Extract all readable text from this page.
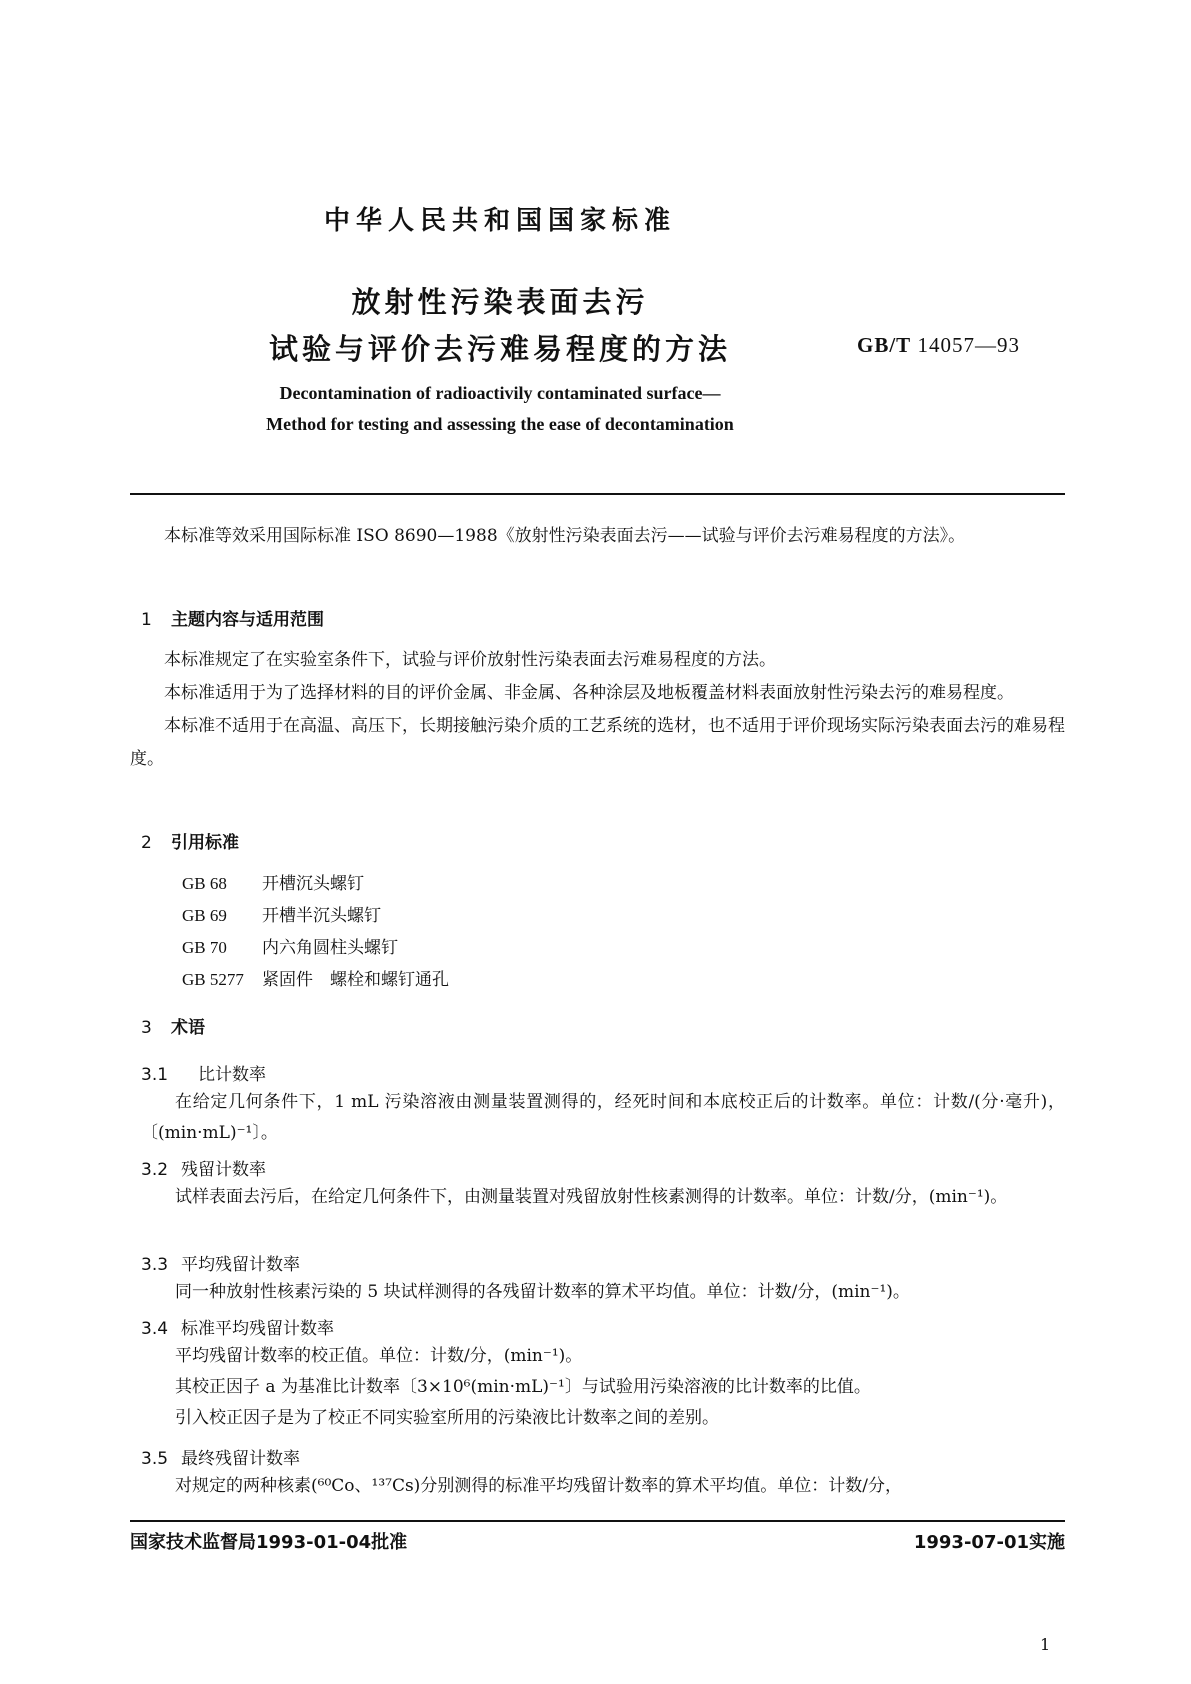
中华人民共和国国家标准
放射性污染表面去污
试验与评价去污难易程度的方法	GB/T 14057—93
Decontamination of radioactivily contaminated surface—
Method for testing and assessing the ease of decontamination

本标准等效采用国际标准 ISO 8690—1988《放射性污染表面去污——试验与评价去污难易程度的方法》。

1 主题内容与适用范围

本标准规定了在实验室条件下，试验与评价放射性污染表面去污难易程度的方法。

本标准适用于为了选择材料的目的评价金属、非金属、各种涂层及地板覆盖材料表面放射性污染去污的难易程度。

本标准不适用于在高温、高压下，长期接触污染介质的工艺系统的选材，也不适用于评价现场实际污染表面去污的难易程度。

2 引用标准
GB 68 开槽沉头螺钉
GB 69 开槽半沉头螺钉
GB 70 内六角圆柱头螺钉
GB 5277 紧固件　螺栓和螺钉通孔
3 术语
3.1　 比计数率

在给定几何条件下，1 mL 污染溶液由测量装置测得的，经死时间和本底校正后的计数率。单位：计数/(分·毫升)，〔(min·mL)⁻¹〕。

3.2 残留计数率

试样表面去污后，在给定几何条件下，由测量装置对残留放射性核素测得的计数率。单位：计数/分，(min⁻¹)。

3.3 平均残留计数率

同一种放射性核素污染的 5 块试样测得的各残留计数率的算术平均值。单位：计数/分，(min⁻¹)。

3.4 标准平均残留计数率

平均残留计数率的校正值。单位：计数/分，(min⁻¹)。

其校正因子 a 为基准比计数率〔3×10⁶(min·mL)⁻¹〕与试验用污染溶液的比计数率的比值。

引入校正因子是为了校正不同实验室所用的污染液比计数率之间的差别。

3.5 最终残留计数率

对规定的两种核素(⁶⁰Co、¹³⁷Cs)分别测得的标准平均残留计数率的算术平均值。单位：计数/分，

国家技术监督局1993-01-04批准	1993-07-01实施
1
